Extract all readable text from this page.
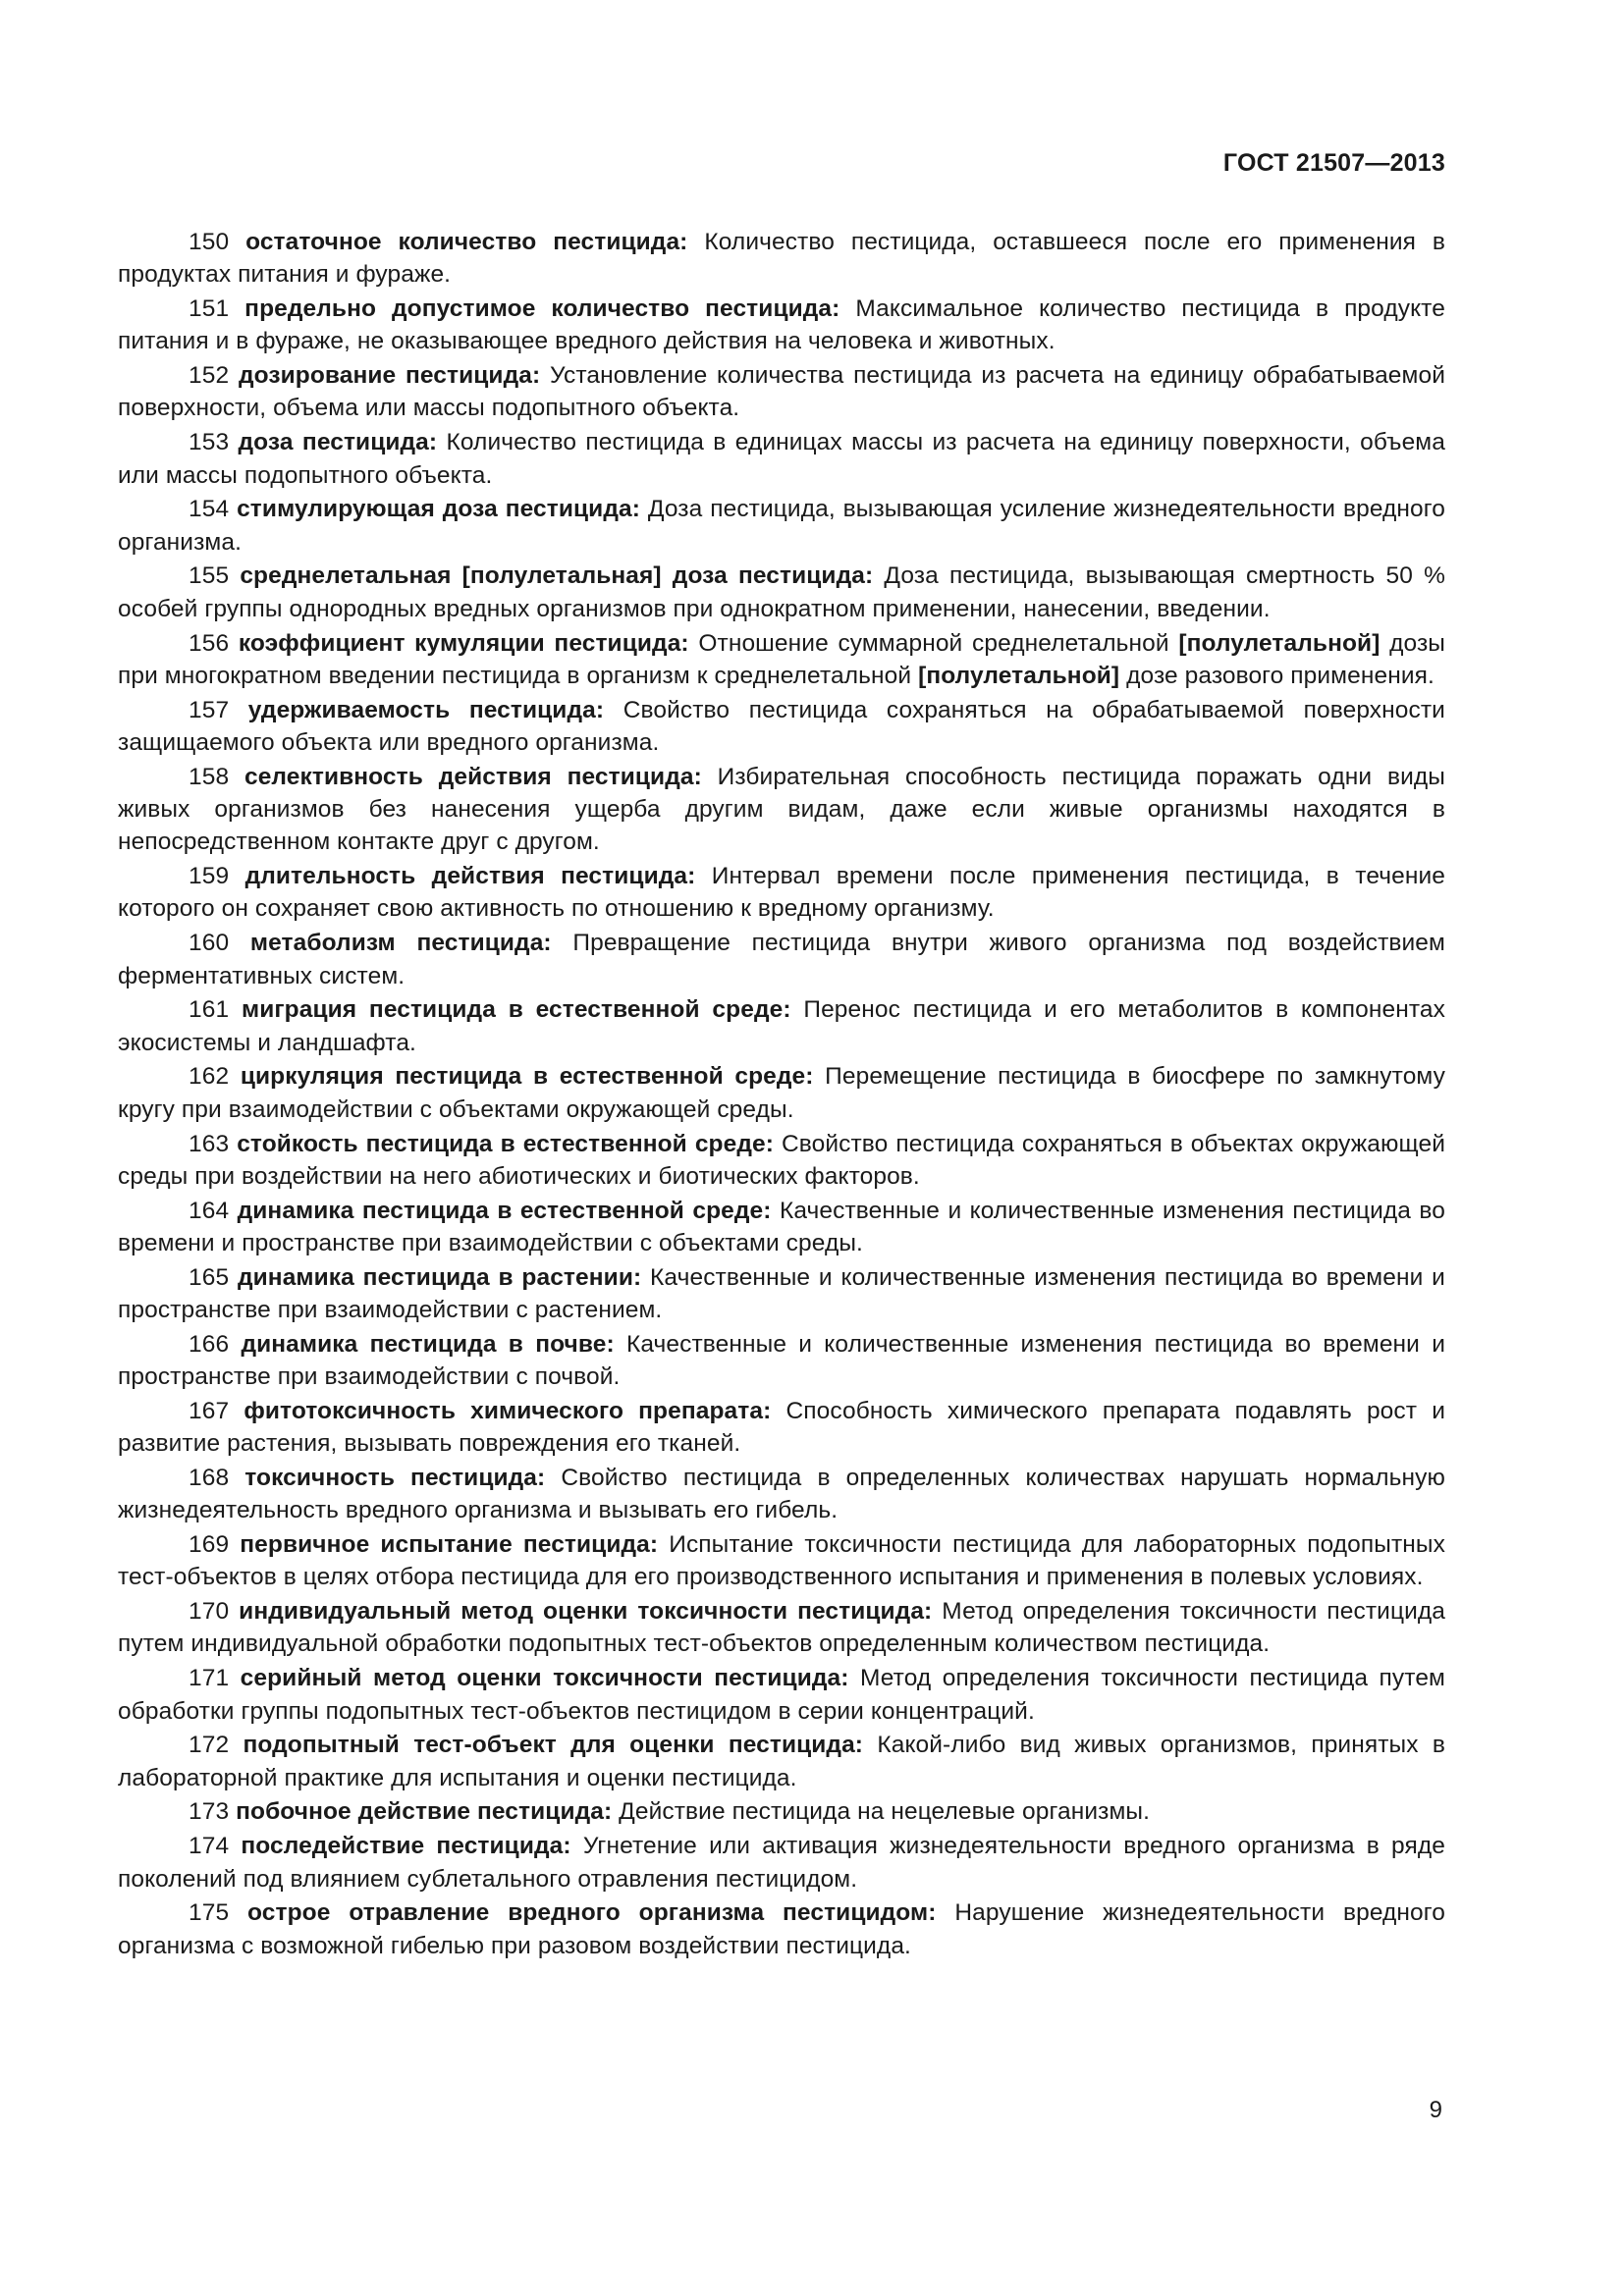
ГОСТ 21507—2013

150 остаточное количество пестицида: Количество пестицида, оставшееся после его применения в продуктах питания и фураже.

151 предельно допустимое количество пестицида: Максимальное количество пестицида в продукте питания и в фураже, не оказывающее вредного действия на человека и животных.

152 дозирование пестицида: Установление количества пестицида из расчета на единицу обрабатываемой поверхности, объема или массы подопытного объекта.

153 доза пестицида: Количество пестицида в единицах массы из расчета на единицу поверхности, объема или массы подопытного объекта.

154 стимулирующая доза пестицида: Доза пестицида, вызывающая усиление жизнедеятельности вредного организма.

155 среднелетальная [полулетальная] доза пестицида: Доза пестицида, вызывающая смертность 50 % особей группы однородных вредных организмов при однократном применении, нанесении, введении.

156 коэффициент кумуляции пестицида: Отношение суммарной среднелетальной [полулетальной] дозы при многократном введении пестицида в организм к среднелетальной [полулетальной] дозе разового применения.

157 удерживаемость пестицида: Свойство пестицида сохраняться на обрабатываемой поверхности защищаемого объекта или вредного организма.

158 селективность действия пестицида: Избирательная способность пестицида поражать одни виды живых организмов без нанесения ущерба другим видам, даже если живые организмы находятся в непосредственном контакте друг с другом.

159 длительность действия пестицида: Интервал времени после применения пестицида, в течение которого он сохраняет свою активность по отношению к вредному организму.

160 метаболизм пестицида: Превращение пестицида внутри живого организма под воздействием ферментативных систем.

161 миграция пестицида в естественной среде: Перенос пестицида и его метаболитов в компонентах экосистемы и ландшафта.

162 циркуляция пестицида в естественной среде: Перемещение пестицида в биосфере по замкнутому кругу при взаимодействии с объектами окружающей среды.

163 стойкость пестицида в естественной среде: Свойство пестицида сохраняться в объектах окружающей среды при воздействии на него абиотических и биотических факторов.

164 динамика пестицида в естественной среде: Качественные и количественные изменения пестицида во времени и пространстве при взаимодействии с объектами среды.

165 динамика пестицида в растении: Качественные и количественные изменения пестицида во времени и пространстве при взаимодействии с растением.

166 динамика пестицида в почве: Качественные и количественные изменения пестицида во времени и пространстве при взаимодействии с почвой.

167 фитотоксичность химического препарата: Способность химического препарата подавлять рост и развитие растения, вызывать повреждения его тканей.

168 токсичность пестицида: Свойство пестицида в определенных количествах нарушать нормальную жизнедеятельность вредного организма и вызывать его гибель.

169 первичное испытание пестицида: Испытание токсичности пестицида для лабораторных подопытных тест-объектов в целях отбора пестицида для его производственного испытания и применения в полевых условиях.

170 индивидуальный метод оценки токсичности пестицида: Метод определения токсичности пестицида путем индивидуальной обработки подопытных тест-объектов определенным количеством пестицида.

171 серийный метод оценки токсичности пестицида: Метод определения токсичности пестицида путем обработки группы подопытных тест-объектов пестицидом в серии концентраций.

172 подопытный тест-объект для оценки пестицида: Какой-либо вид живых организмов, принятых в лабораторной практике для испытания и оценки пестицида.

173 побочное действие пестицида: Действие пестицида на нецелевые организмы.

174 последействие пестицида: Угнетение или активация жизнедеятельности вредного организма в ряде поколений под влиянием сублетального отравления пестицидом.

175 острое отравление вредного организма пестицидом: Нарушение жизнедеятельности вредного организма с возможной гибелью при разовом воздействии пестицида.

9
